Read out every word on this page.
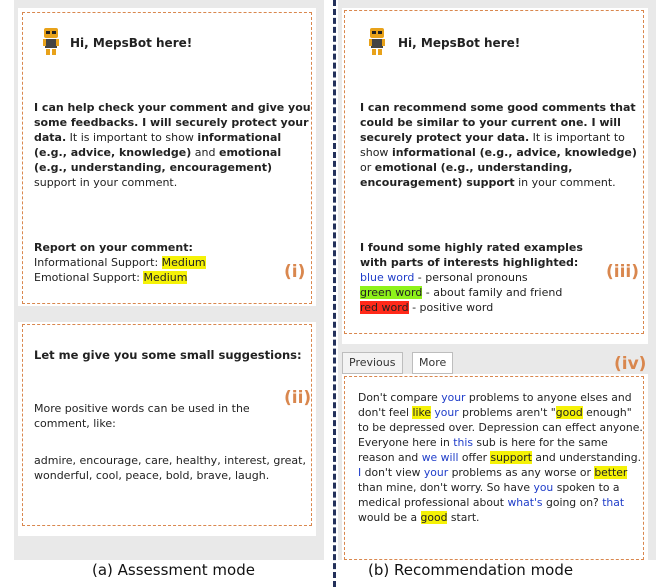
Hi, MepsBot here!
I can help check your comment and give you some feedbacks. I will securely protect your data. It is important to show informational (e.g., advice, knowledge) and emotional (e.g., understanding, encouragement) support in your comment.
Report on your comment:
Informational Support: Medium
Emotional Support: Medium	(i)
Let me give you some small suggestions:
More positive words can be used in the comment, like:
(ii)
admire, encourage, care, healthy, interest, great, wonderful, cool, peace, bold, brave, laugh.
(a) Assessment mode
Hi, MepsBot here!
I can recommend some good comments that could be similar to your current one. I will securely protect your data. It is important to show informational (e.g., advice, knowledge) or emotional (e.g., understanding, encouragement) support in your comment.
I found some highly rated examples with parts of interests highlighted:
blue word - personal pronouns
green word - about family and friend
red word - positive word
(iii)
Previous	More	(iv)
Don't compare your problems to anyone elses and don't feel like your problems aren't "good enough" to be depressed over. Depression can effect anyone. Everyone here in this sub is here for the same reason and we will offer support and understanding. I don't view your problems as any worse or better than mine, don't worry. So have you spoken to a medical professional about what's going on? that would be a good start.
(b) Recommendation mode
